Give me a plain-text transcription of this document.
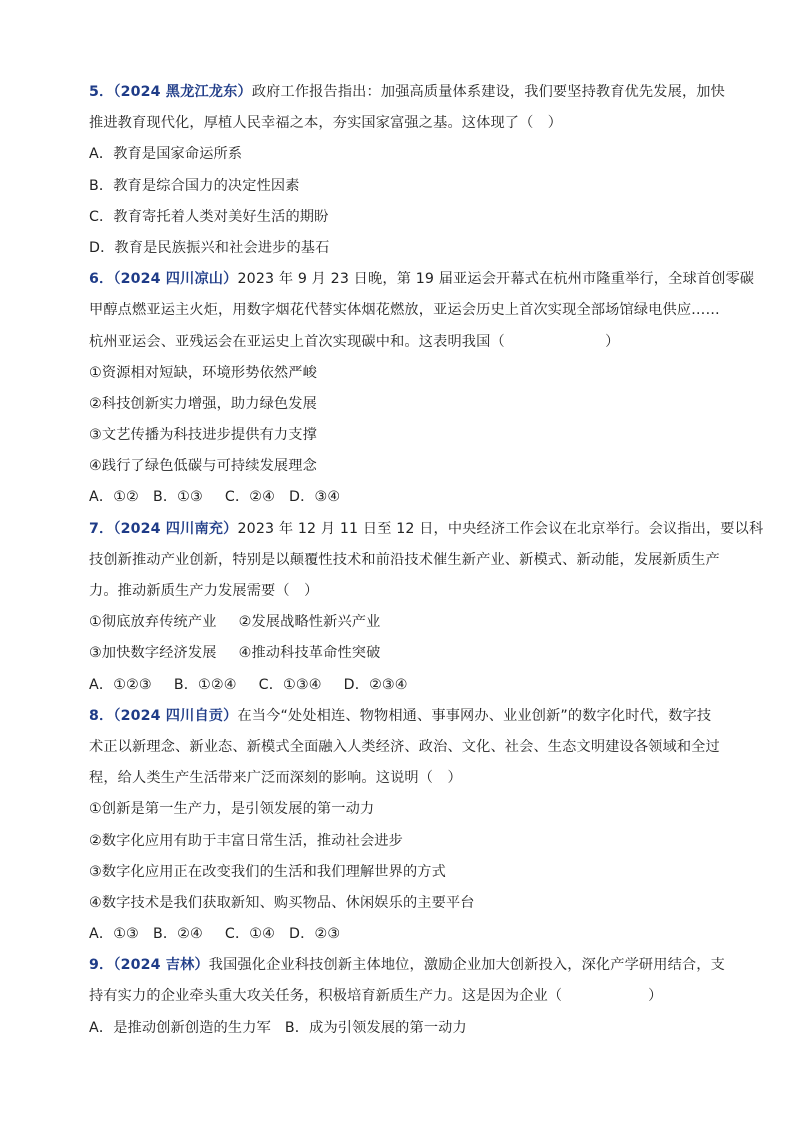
5．（2024 黑龙江龙东）政府工作报告指出：加强高质量体系建设，我们要坚持教育优先发展，加快
推进教育现代化，厚植人民幸福之本，夯实国家富强之基。这体现了（　）
A．教育是国家命运所系
B．教育是综合国力的决定性因素
C．教育寄托着人类对美好生活的期盼
D．教育是民族振兴和社会进步的基石
6．（2024 四川凉山）2023 年 9 月 23 日晚，第 19 届亚运会开幕式在杭州市隆重举行，全球首创零碳
甲醇点燃亚运主火炬，用数字烟花代替实体烟花燃放，亚运会历史上首次实现全部场馆绿电供应……
杭州亚运会、亚残运会在亚运史上首次实现碳中和。这表明我国（　　　　　　　）
①资源相对短缺，环境形势依然严峻
②科技创新实力增强，助力绿色发展
③文艺传播为科技进步提供有力支撑
④践行了绿色低碳与可持续发展理念
A．①② B．①③ C．②④ D．③④
7．（2024 四川南充）2023 年 12 月 11 日至 12 日，中央经济工作会议在北京举行。会议指出，要以科
技创新推动产业创新，特别是以颠覆性技术和前沿技术催生新产业、新模式、新动能，发展新质生产
力。推动新质生产力发展需要（　）
①彻底放弃传统产业 ②发展战略性新兴产业
③加快数字经济发展 ④推动科技革命性突破
A．①②③ B．①②④ C．①③④ D．②③④
8．（2024 四川自贡）在当今“处处相连、物物相通、事事网办、业业创新”的数字化时代，数字技
术正以新理念、新业态、新模式全面融入人类经济、政治、文化、社会、生态文明建设各领域和全过
程，给人类生产生活带来广泛而深刻的影响。这说明（　）
①创新是第一生产力，是引领发展的第一动力
②数字化应用有助于丰富日常生活，推动社会进步
③数字化应用正在改变我们的生活和我们理解世界的方式
④数字技术是我们获取新知、购买物品、休闲娱乐的主要平台
A．①③ B．②④ C．①④ D．②③
9．（2024 吉林）我国强化企业科技创新主体地位，激励企业加大创新投入，深化产学研用结合，支
持有实力的企业牵头重大攻关任务，积极培育新质生产力。这是因为企业（　　　　　　）
A．是推动创新创造的生力军 B．成为引领发展的第一动力
